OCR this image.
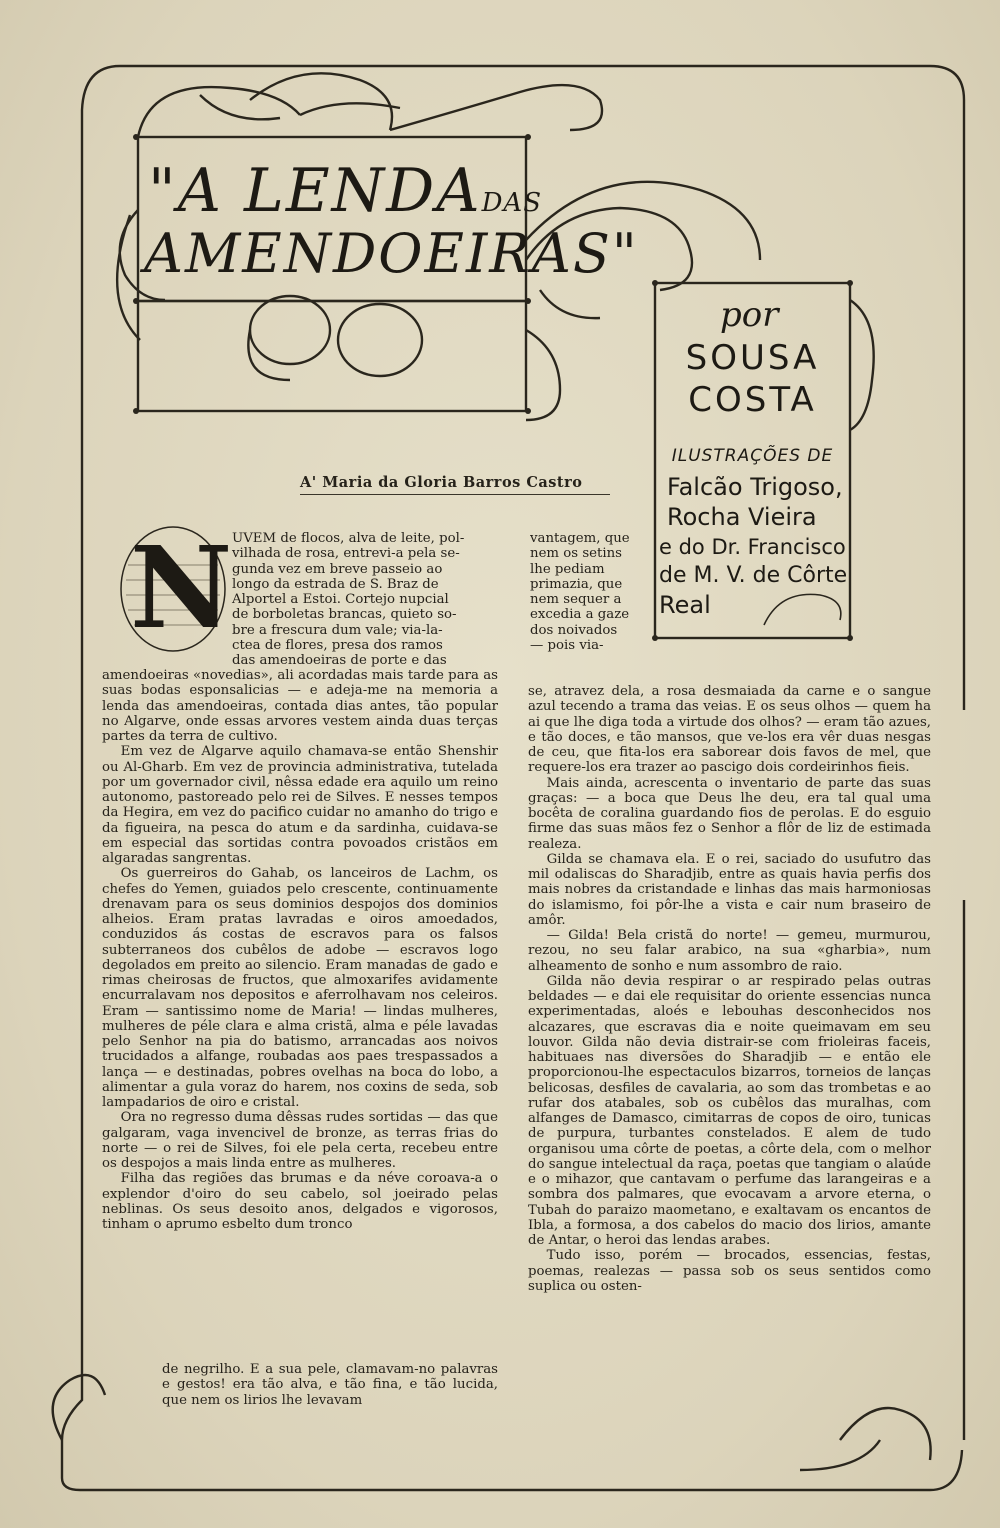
"A LENDADAS
AMENDOEIRAS"
por
SOUSA
COSTA
ILUSTRAÇÕES DE
Falcão Trigoso,
Rocha Vieira
e do Dr. Francisco
de M. V. de Côrte
Real
A' Maria da Gloria Barros Castro
N UVEM de flocos, alva de leite, pol-
vilhada de rosa, entrevi-a pela se-
gunda vez em breve passeio ao
longo da estrada de S. Braz de
Alportel a Estoi. Cortejo nupcial
de borboletas brancas, quieto so-
bre a frescura dum vale; via-la-
ctea de flores, presa dos ramos
das amendoeiras de porte e das

amendoeiras «novedias», ali acordadas mais tarde para as suas bodas esponsalicias — e adeja-me na memoria a lenda das amendoeiras, contada dias antes, tão popular no Algarve, onde essas arvores vestem ainda duas terças partes da terra de cultivo.

Em vez de Algarve aquilo chamava-se então Shenshir ou Al-Gharb. Em vez de provincia administrativa, tutelada por um governador civil, nêssa edade era aquilo um reino autonomo, pastoreado pelo rei de Silves. E nesses tempos da Hegira, em vez do pacifico cuidar no amanho do trigo e da figueira, na pesca do atum e da sardinha, cuidava-se em especial das sortidas contra povoados cristãos em algaradas sangrentas.

Os guerreiros do Gahab, os lanceiros de Lachm, os chefes do Yemen, guiados pelo crescente, continuamente drenavam para os seus dominios despojos dos dominios alheios. Eram pratas lavradas e oiros amoedados, conduzidos ás costas de escravos para os falsos subterraneos dos cubêlos de adobe — escravos logo degolados em preito ao silencio. Eram manadas de gado e rimas cheirosas de fructos, que almoxarifes avidamente encurralavam nos depositos e aferrolhavam nos celeiros. Eram — santissimo nome de Maria! — lindas mulheres, mulheres de péle clara e alma cristã, alma e péle lavadas pelo Senhor na pia do batismo, arrancadas aos noivos trucidados a alfange, roubadas aos paes trespassados a lança — e destinadas, pobres ovelhas na boca do lobo, a alimentar a gula voraz do harem, nos coxins de seda, sob lampadarios de oiro e cristal.

Ora no regresso duma dêssas rudes sortidas — das que galgaram, vaga invencivel de bronze, as terras frias do norte — o rei de Silves, foi ele pela certa, recebeu entre os despojos a mais linda entre as mulheres.

Filha das regiões das brumas e da néve coroava-a o explendor d'oiro do seu cabelo, sol joeirado pelas neblinas. Os seus desoito anos, delgados e vigorosos, tinham o aprumo esbelto dum tronco

de negrilho. E a sua pele, clamavam-no palavras e gestos! era tão alva, e tão fina, e tão lucida, que nem os lirios lhe levavam

vantagem, que nem os setins lhe pediam primazia, que nem sequer a excedia a gaze dos noivados — pois via-

se, atravez dela, a rosa desmaiada da carne e o sangue azul tecendo a trama das veias. E os seus olhos — quem ha ai que lhe diga toda a virtude dos olhos? — eram tão azues, e tão doces, e tão mansos, que ve-los era vêr duas nesgas de ceu, que fita-los era saborear dois favos de mel, que requere-los era trazer ao pascigo dois cordeirinhos fieis.

Mais ainda, acrescenta o inventario de parte das suas graças: — a boca que Deus lhe deu, era tal qual uma bocêta de coralina guardando fios de perolas. E do esguio firme das suas mãos fez o Senhor a flôr de liz de estimada realeza.

Gilda se chamava ela. E o rei, saciado do usufutro das mil odaliscas do Sharadjib, entre as quais havia perfis dos mais nobres da cristandade e linhas das mais harmoniosas do islamismo, foi pôr-lhe a vista e cair num braseiro de amôr.

— Gilda! Bela cristã do norte! — gemeu, murmurou, rezou, no seu falar arabico, na sua «gharbia», num alheamento de sonho e num assombro de raio.

Gilda não devia respirar o ar respirado pelas outras beldades — e dai ele requisitar do oriente essencias nunca experimentadas, aloés e lebouhas desconhecidos nos alcazares, que escravas dia e noite queimavam em seu louvor. Gilda não devia distrair-se com frioleiras faceis, habituaes nas diversões do Sharadjib — e então ele proporcionou-lhe espectaculos bizarros, torneios de lanças belicosas, desfiles de cavalaria, ao som das trombetas e ao rufar dos atabales, sob os cubêlos das muralhas, com alfanges de Damasco, cimitarras de copos de oiro, tunicas de purpura, turbantes constelados. E alem de tudo organisou uma côrte de poetas, a côrte dela, com o melhor do sangue intelectual da raça, poetas que tangiam o alaúde e o mihazor, que cantavam o perfume das larangeiras e a sombra dos palmares, que evocavam a arvore eterna, o Tubah do paraizo maometano, e exaltavam os encantos de Ibla, a formosa, a dos cabelos do macio dos lirios, amante de Antar, o heroi das lendas arabes.

Tudo isso, porém — brocados, essencias, festas, poemas, realezas — passa sob os seus sentidos como suplica ou osten-
